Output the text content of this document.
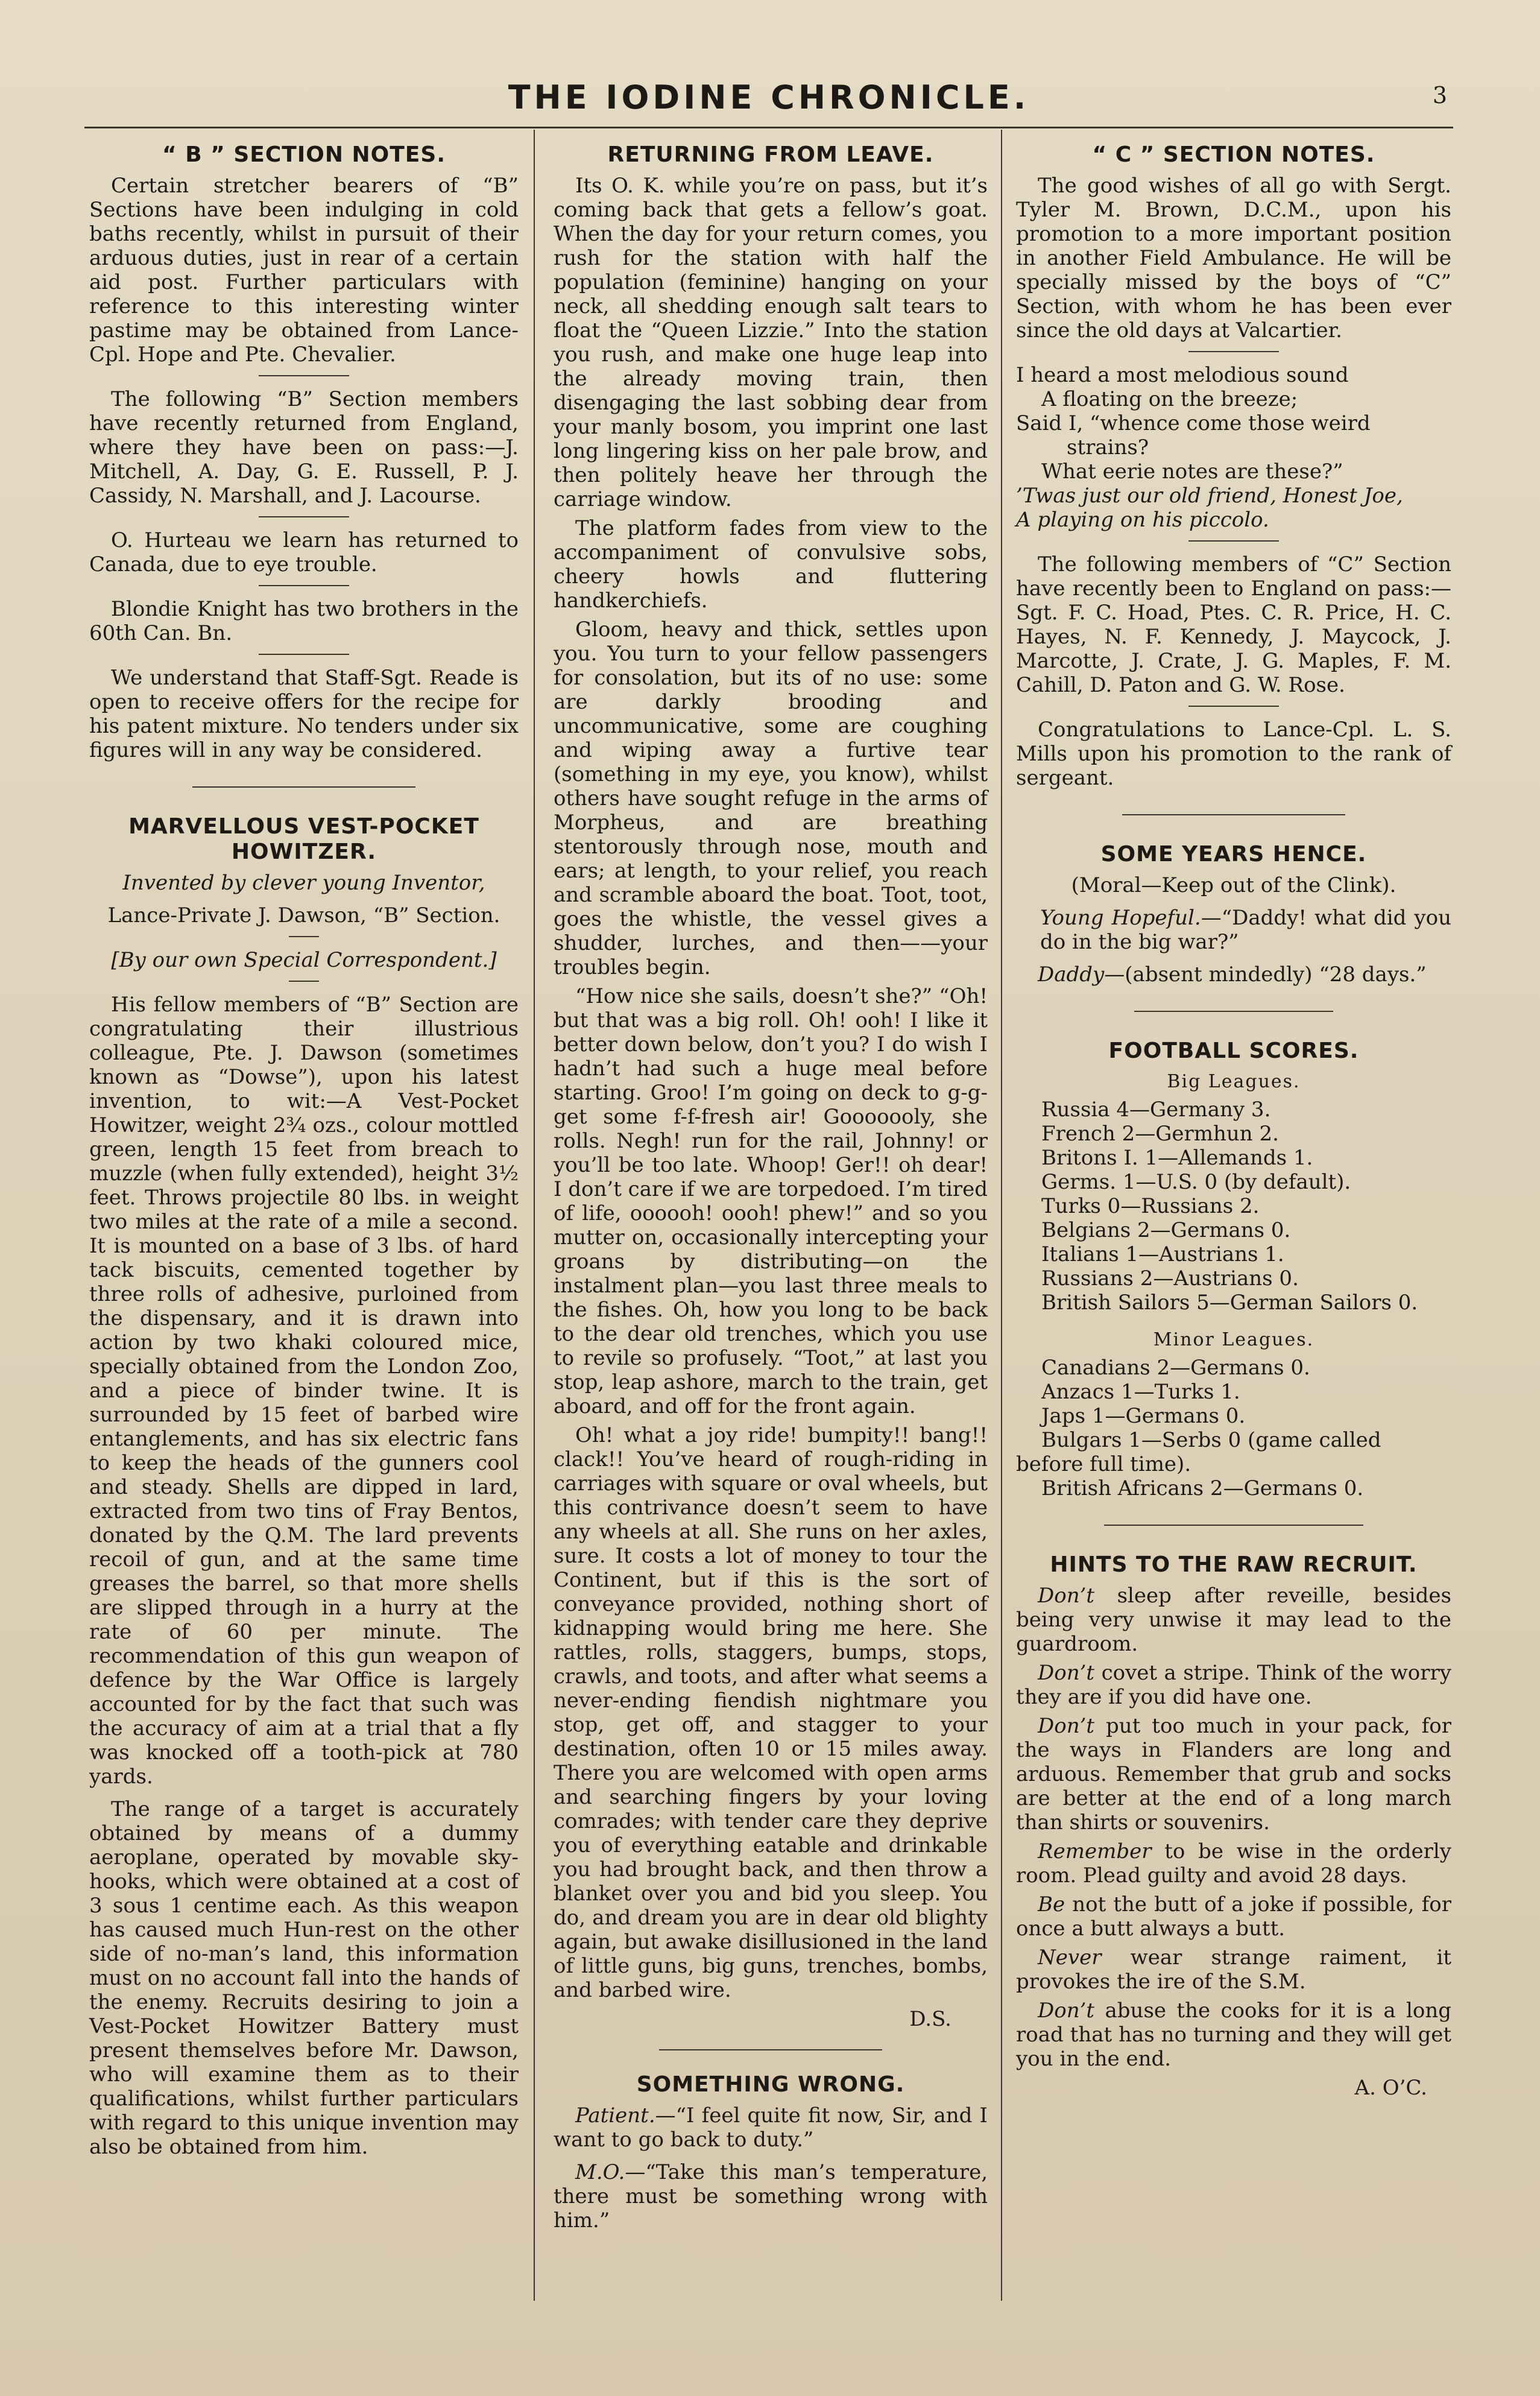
THE IODINE CHRONICLE.	3
“ B ” SECTION NOTES.

Certain stretcher bearers of “B” Sections have been indulging in cold baths recently, whilst in pursuit of their arduous duties, just in rear of a certain aid post. Further particulars with reference to this interesting winter pastime may be obtained from Lance-Cpl. Hope and Pte. Chevalier.

The following “B” Section members have recently returned from England, where they have been on pass:—J. Mitchell, A. Day, G. E. Russell, P. J. Cassidy, N. Marshall, and J. Lacourse.

O. Hurteau we learn has returned to Canada, due to eye trouble.

Blondie Knight has two brothers in the 60th Can. Bn.

We understand that Staff-Sgt. Reade is open to receive offers for the recipe for his patent mixture. No tenders under six figures will in any way be considered.

MARVELLOUS VEST-POCKET HOWITZER.

Invented by clever young Inventor,

Lance-Private J. Dawson, “B” Section.

[By our own Special Correspondent.]

His fellow members of “B” Section are congratulating their illustrious colleague, Pte. J. Dawson (sometimes known as “Dowse”), upon his latest invention, to wit:—A Vest-Pocket Howitzer, weight 2¾ ozs., colour mottled green, length 15 feet from breach to muzzle (when fully extended), height 3½ feet. Throws projectile 80 lbs. in weight two miles at the rate of a mile a second. It is mounted on a base of 3 lbs. of hard tack biscuits, cemented together by three rolls of adhesive, purloined from the dispensary, and it is drawn into action by two khaki coloured mice, specially obtained from the London Zoo, and a piece of binder twine. It is surrounded by 15 feet of barbed wire entanglements, and has six electric fans to keep the heads of the gunners cool and steady. Shells are dipped in lard, extracted from two tins of Fray Bentos, donated by the Q.M. The lard prevents recoil of gun, and at the same time greases the barrel, so that more shells are slipped through in a hurry at the rate of 60 per minute. The recommendation of this gun weapon of defence by the War Office is largely accounted for by the fact that such was the accuracy of aim at a trial that a fly was knocked off a tooth-pick at 780 yards.

The range of a target is accurately obtained by means of a dummy aeroplane, operated by movable sky-hooks, which were obtained at a cost of 3 sous 1 centime each. As this weapon has caused much Hun-rest on the other side of no-man’s land, this information must on no account fall into the hands of the enemy. Recruits desiring to join a Vest-Pocket Howitzer Battery must present themselves before Mr. Dawson, who will examine them as to their qualifications, whilst further particulars with regard to this unique invention may also be obtained from him.

RETURNING FROM LEAVE.

Its O. K. while you’re on pass, but it’s coming back that gets a fellow’s goat. When the day for your return comes, you rush for the station with half the population (feminine) hanging on your neck, all shedding enough salt tears to float the “Queen Lizzie.” Into the station you rush, and make one huge leap into the already moving train, then disengaging the last sobbing dear from your manly bosom, you imprint one last long lingering kiss on her pale brow, and then politely heave her through the carriage window.

The platform fades from view to the accompaniment of convulsive sobs, cheery howls and fluttering handkerchiefs.

Gloom, heavy and thick, settles upon you. You turn to your fellow passengers for consolation, but its of no use: some are darkly brooding and uncommunicative, some are coughing and wiping away a furtive tear (something in my eye, you know), whilst others have sought refuge in the arms of Morpheus, and are breathing stentorously through nose, mouth and ears; at length, to your relief, you reach and scramble aboard the boat. Toot, toot, goes the whistle, the vessel gives a shudder, lurches, and then——your troubles begin.

“How nice she sails, doesn’t she?” “Oh! but that was a big roll. Oh! ooh! I like it better down below, don’t you? I do wish I hadn’t had such a huge meal before starting. Groo! I’m going on deck to g-g-get some f-f-fresh air! Gooooooly, she rolls. Negh! run for the rail, Johnny! or you’ll be too late. Whoop! Ger!! oh dear! I don’t care if we are torpedoed. I’m tired of life, oooooh! oooh! phew!” and so you mutter on, occasionally intercepting your groans by distributing—on the instalment plan—you last three meals to the fishes. Oh, how you long to be back to the dear old trenches, which you use to revile so profusely. “Toot,” at last you stop, leap ashore, march to the train, get aboard, and off for the front again.

Oh! what a joy ride! bumpity!! bang!! clack!! You’ve heard of rough-riding in carriages with square or oval wheels, but this contrivance doesn’t seem to have any wheels at all. She runs on her axles, sure. It costs a lot of money to tour the Continent, but if this is the sort of conveyance provided, nothing short of kidnapping would bring me here. She rattles, rolls, staggers, bumps, stops, crawls, and toots, and after what seems a never-ending fiendish nightmare you stop, get off, and stagger to your destination, often 10 or 15 miles away. There you are welcomed with open arms and searching fingers by your loving comrades; with tender care they deprive you of everything eatable and drinkable you had brought back, and then throw a blanket over you and bid you sleep. You do, and dream you are in dear old blighty again, but awake disillusioned in the land of little guns, big guns, trenches, bombs, and barbed wire.

D.S.

SOMETHING WRONG.

Patient.—“I feel quite fit now, Sir, and I want to go back to duty.”

M.O.—“Take this man’s temperature, there must be something wrong with him.”

“ C ” SECTION NOTES.

The good wishes of all go with Sergt. Tyler M. Brown, D.C.M., upon his promotion to a more important position in another Field Ambulance. He will be specially missed by the boys of “C” Section, with whom he has been ever since the old days at Valcartier.

I heard a most melodious sound

A floating on the breeze;

Said I, “whence come those weird

strains?

What eerie notes are these?”

’Twas just our old friend, Honest Joe,

A playing on his piccolo.

The following members of “C” Section have recently been to England on pass:—Sgt. F. C. Hoad, Ptes. C. R. Price, H. C. Hayes, N. F. Kennedy, J. Maycock, J. Marcotte, J. Crate, J. G. Maples, F. M. Cahill, D. Paton and G. W. Rose.

Congratulations to Lance-Cpl. L. S. Mills upon his promotion to the rank of sergeant.

SOME YEARS HENCE.

(Moral—Keep out of the Clink).

Young Hopeful.—“Daddy! what did you do in the big war?”

Daddy—(absent mindedly) “28 days.”

FOOTBALL SCORES.
Big Leagues.
Russia 4—Germany 3.
French 2—Germhun 2.
Britons I. 1—Allemands 1.
Germs. 1—U.S. 0 (by default).
Turks 0—Russians 2.
Belgians 2—Germans 0.
Italians 1—Austrians 1.
Russians 2—Austrians 0.
British Sailors 5—German Sailors 0.
Minor Leagues.
Canadians 2—Germans 0.
Anzacs 1—Turks 1.
Japs 1—Germans 0.
Bulgars 1—Serbs 0 (game called before full time).
British Africans 2—Germans 0.
HINTS TO THE RAW RECRUIT.

Don’t sleep after reveille, besides being very unwise it may lead to the guardroom.

Don’t covet a stripe. Think of the worry they are if you did have one.

Don’t put too much in your pack, for the ways in Flanders are long and arduous. Remember that grub and socks are better at the end of a long march than shirts or souvenirs.

Remember to be wise in the orderly room. Plead guilty and avoid 28 days.

Be not the butt of a joke if possible, for once a butt always a butt.

Never wear strange raiment, it provokes the ire of the S.M.

Don’t abuse the cooks for it is a long road that has no turning and they will get you in the end.

A. O’C.
